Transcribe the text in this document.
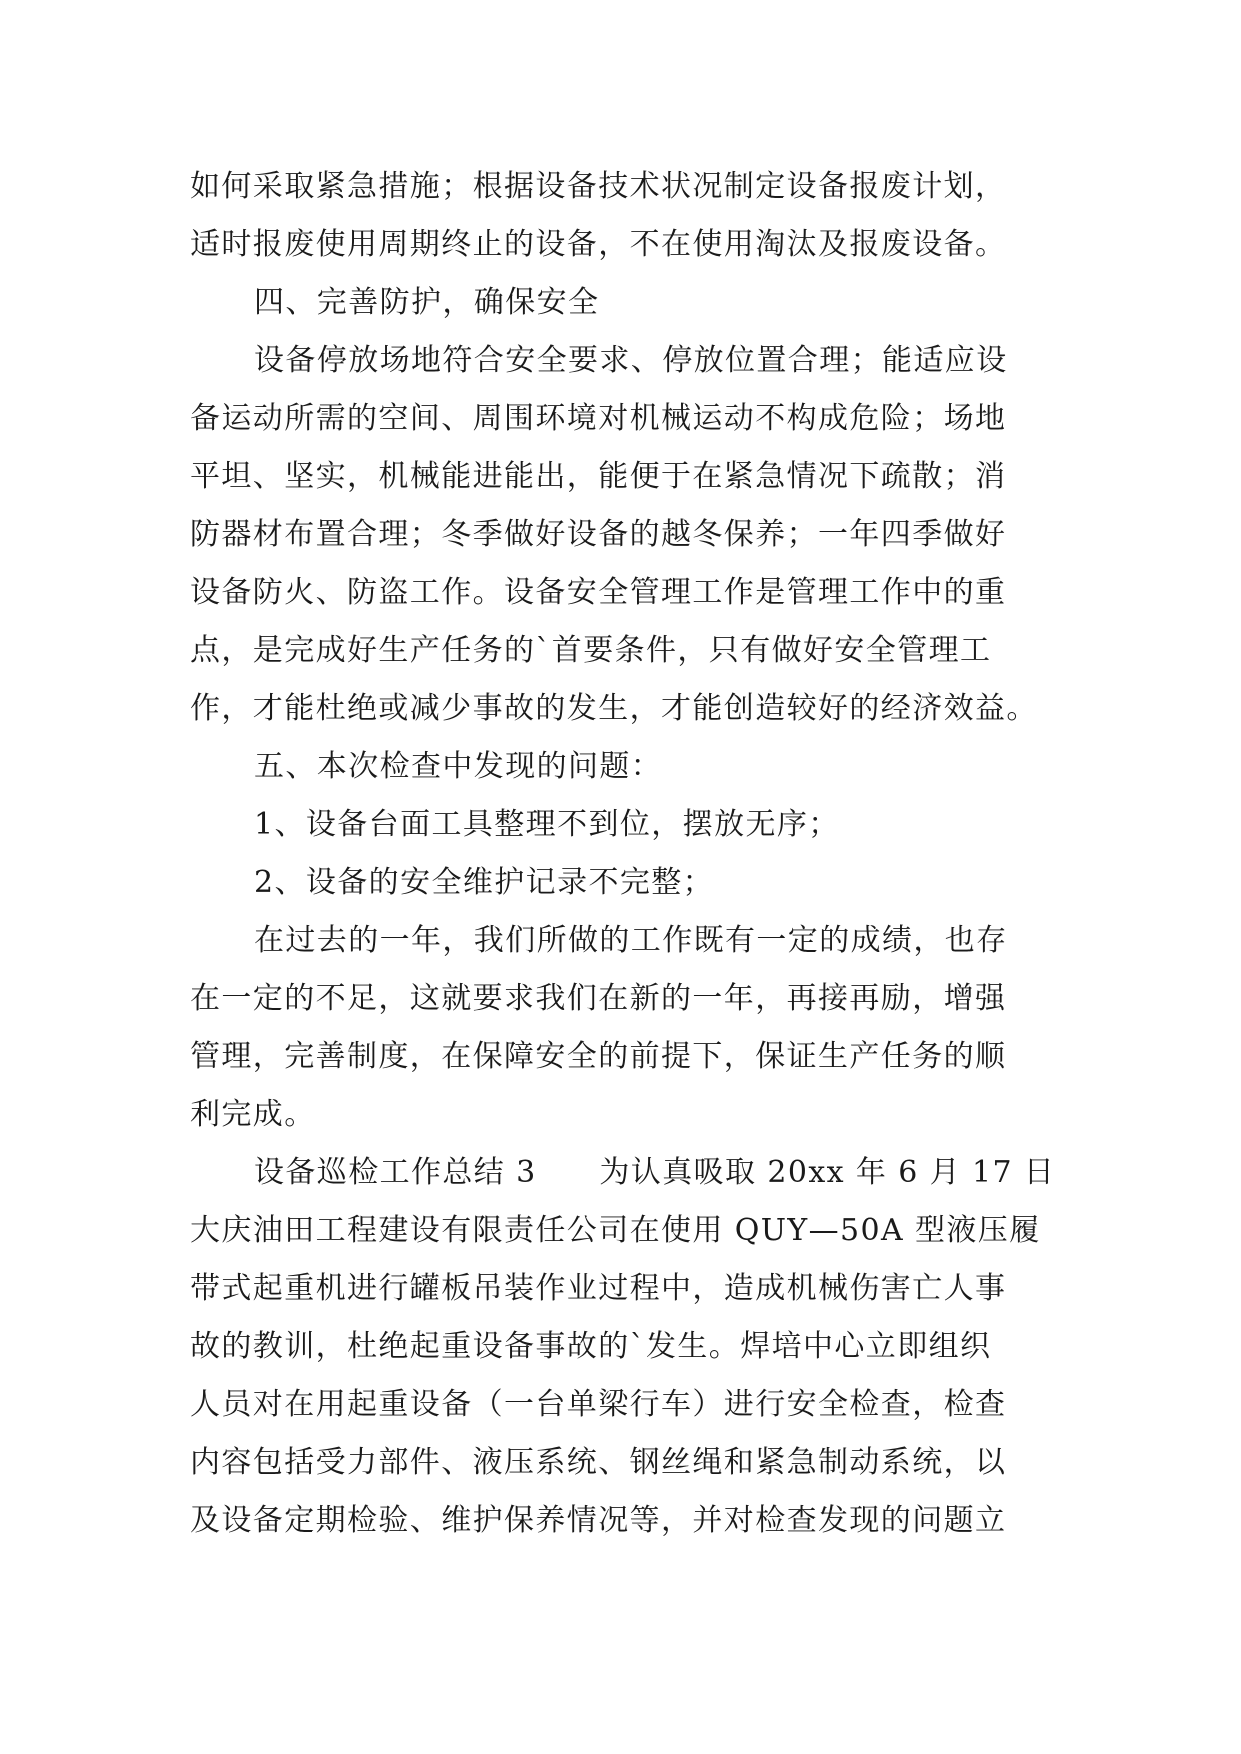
如何采取紧急措施；根据设备技术状况制定设备报废计划，
适时报废使用周期终止的设备，不在使用淘汰及报废设备。
四、完善防护，确保安全
设备停放场地符合安全要求、停放位置合理；能适应设
备运动所需的空间、周围环境对机械运动不构成危险；场地
平坦、坚实，机械能进能出，能便于在紧急情况下疏散；消
防器材布置合理；冬季做好设备的越冬保养；一年四季做好
设备防火、防盗工作。设备安全管理工作是管理工作中的重
点，是完成好生产任务的`首要条件，只有做好安全管理工
作，才能杜绝或减少事故的发生，才能创造较好的经济效益。
五、本次检查中发现的问题：
1、设备台面工具整理不到位，摆放无序；
2、设备的安全维护记录不完整；
在过去的一年，我们所做的工作既有一定的成绩，也存
在一定的不足，这就要求我们在新的一年，再接再励，增强
管理，完善制度，在保障安全的前提下，保证生产任务的顺
利完成。
设备巡检工作总结 3　　为认真吸取 20xx 年 6 月 17 日
大庆油田工程建设有限责任公司在使用 QUY—50A 型液压履
带式起重机进行罐板吊装作业过程中，造成机械伤害亡人事
故的教训，杜绝起重设备事故的`发生。焊培中心立即组织
人员对在用起重设备（一台单梁行车）进行安全检查，检查
内容包括受力部件、液压系统、钢丝绳和紧急制动系统，以
及设备定期检验、维护保养情况等，并对检查发现的问题立
